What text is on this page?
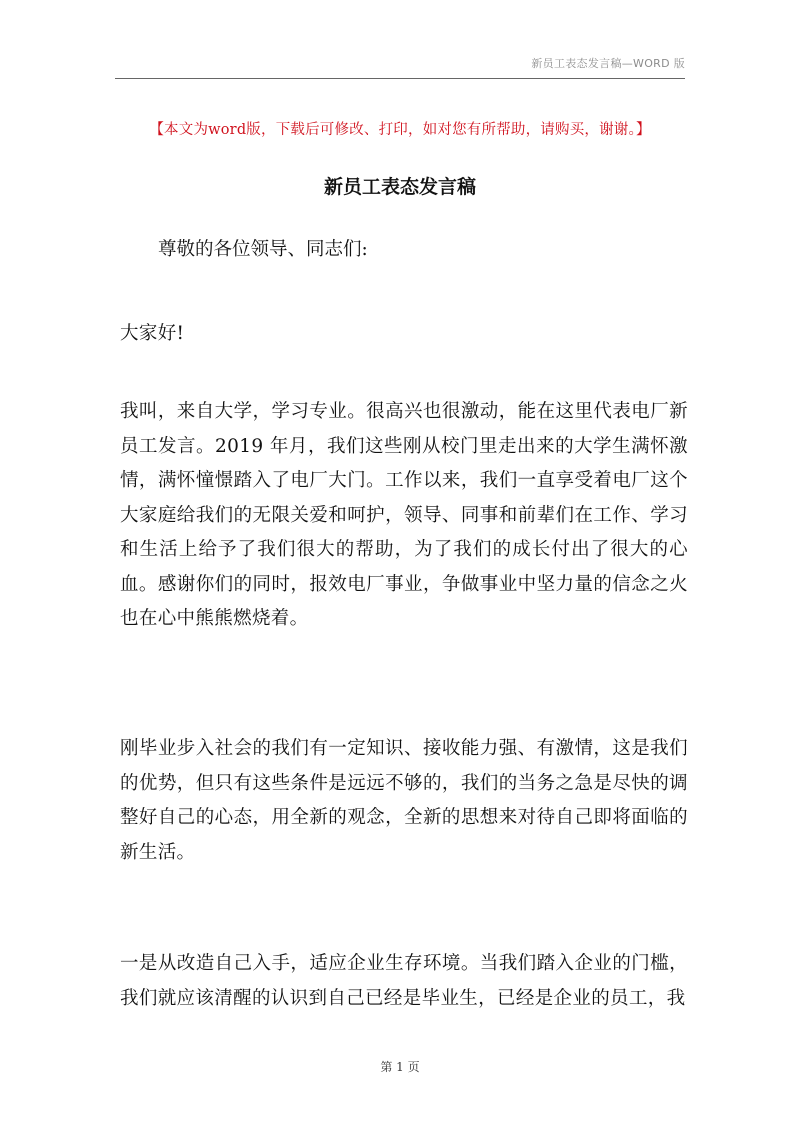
新员工表态发言稿—WORD 版
【本文为word版，下载后可修改、打印，如对您有所帮助，请购买，谢谢。】
新员工表态发言稿
尊敬的各位领导、同志们:

大家好!

我叫，来自大学，学习专业。很高兴也很激动，能在这里代表电厂新员工发言。2019 年月，我们这些刚从校门里走出来的大学生满怀激情，满怀憧憬踏入了电厂大门。工作以来，我们一直享受着电厂这个大家庭给我们的无限关爱和呵护，领导、同事和前辈们在工作、学习和生活上给予了我们很大的帮助，为了我们的成长付出了很大的心血。感谢你们的同时，报效电厂事业，争做事业中坚力量的信念之火也在心中熊熊燃烧着。

刚毕业步入社会的我们有一定知识、接收能力强、有激情，这是我们的优势，但只有这些条件是远远不够的，我们的当务之急是尽快的调整好自己的心态，用全新的观念，全新的思想来对待自己即将面临的新生活。

一是从改造自己入手，适应企业生存环境。当我们踏入企业的门槛，我们就应该清醒的认识到自己已经是毕业生，已经是企业的员工，我

第 1 页
